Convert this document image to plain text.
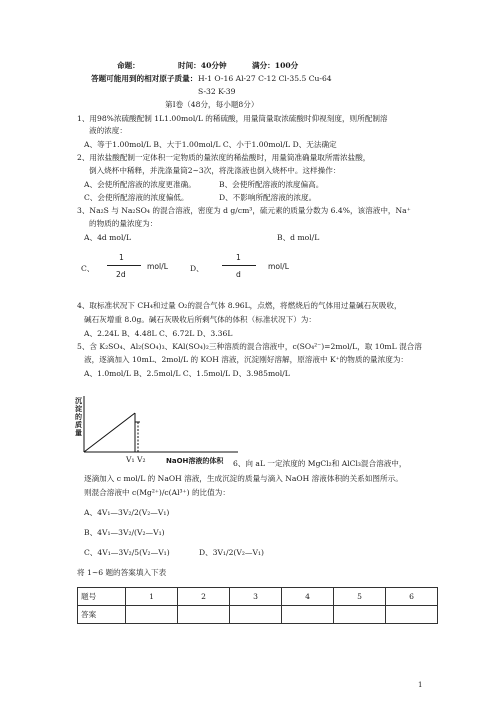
命题：	时间：40分钟	满分：100分
答题可能用到的相对原子质量： H-1 O-16 Al-27 C-12 Cl-35.5 Cu-64
S-32 K-39
第Ⅰ卷（48分，每小题8分）
1、用98%浓硫酸配制 1L1.00mol/L 的稀硫酸，用量筒量取浓硫酸时仰视刻度，则所配制溶
液的浓度：
A、等于1.00mol/L B、大于1.00mol/L C、小于1.00mol/L D、无法确定
2、用浓盐酸配制一定体积一定物质的量浓度的稀盐酸时，用量筒准确量取所需浓盐酸，
倒入烧杯中稀释，并洗涤量筒2~3次，将洗涤液也倒入烧杯中。这样操作：
A、会使所配溶液的浓度更准确。	B、会使所配溶液的浓度偏高。
C、会使所配溶液的浓度偏低。	D、不影响所配溶液的浓度。
3、Na₂S 与 Na₂SO₄ 的混合溶液，密度为 d g/cm³，硫元素的质量分数为 6.4%，该溶液中，Na⁺
的物质的量浓度为：
A、4d mol/L	B、d mol/L
C、
1
2d
mol/L	D、
1
d
mol/L
4、取标准状况下 CH₄和过量 O₂的混合气体 8.96L，点燃，将燃烧后的气体用过量碱石灰吸收，
碱石灰增重 8.0g。碱石灰吸收后所剩气体的体积（标准状况下）为：
A、2.24L B、4.48L C、6.72L D、3.36L
5、含 K₂SO₄、Al₂(SO₄)₃、KAl(SO₄)₂三种溶质的混合溶液中，c(SO₄²⁻)=2mol/L，取 10mL 混合溶
液，逐滴加入 10mL、2mol/L 的 KOH 溶液，沉淀刚好溶解，原溶液中 K⁺的物质的量浓度为：
A、1.0mol/L B、2.5mol/L C、1.5mol/L D、3.985mol/L
沉淀的质量
V₁ V₂	NaOH溶液的体积 6、向 aL 一定浓度的 MgCl₂和 AlCl₃混合溶液中，
逐滴加入 c mol/L 的 NaOH 溶液，生成沉淀的质量与滴入 NaOH 溶液体积的关系如图所示。
则混合溶液中 c(Mg²⁺)/c(Al³⁺) 的比值为：
A、4V₁—3V₂/2(V₂—V₁)
B、4V₁—3V₂/(V₂—V₁)
C、4V₁—3V₂/5(V₂—V₁)	D、3V₁/2(V₂—V₁)
将 1~6 题的答案填入下表
题号	1	2	3	4	5	6
答案						
1
